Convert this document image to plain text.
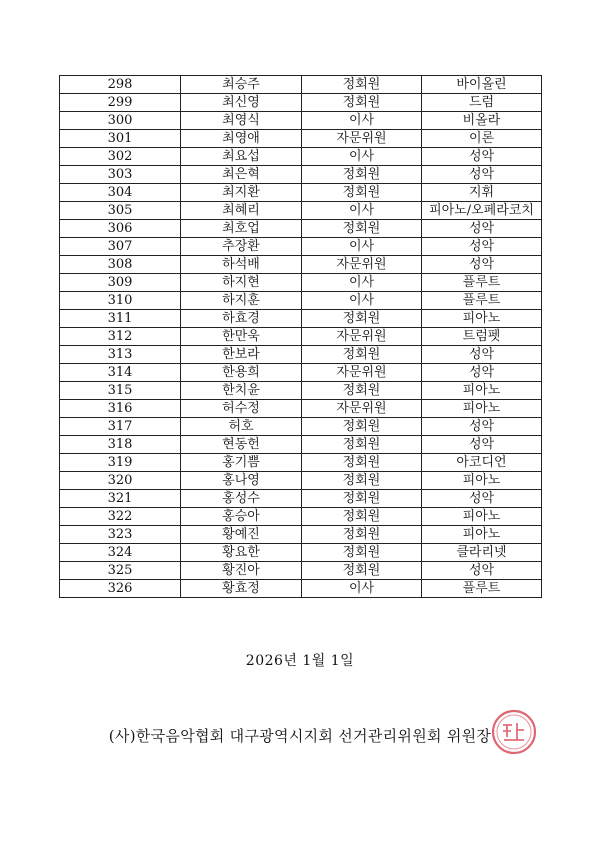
298	최승주	정회원	바이올린
299	최신영	정회원	드럼
300	최영식	이사	비올라
301	최영애	자문위원	이론
302	최요섭	이사	성악
303	최은혁	정회원	성악
304	최지환	정회원	지휘
305	최혜리	이사	피아노/오페라코치
306	최호업	정회원	성악
307	추장환	이사	성악
308	하석배	자문위원	성악
309	하지현	이사	플루트
310	하지훈	이사	플루트
311	하효경	정회원	피아노
312	한만욱	자문위원	트럼펫
313	한보라	정회원	성악
314	한용희	자문위원	성악
315	한치윤	정회원	피아노
316	허수정	자문위원	피아노
317	허호	정회원	성악
318	현동헌	정회원	성악
319	홍기쁨	정회원	아코디언
320	홍나영	정회원	피아노
321	홍성수	정회원	성악
322	홍승아	정회원	피아노
323	황예진	정회원	피아노
324	황요한	정회원	클라리넷
325	황진아	정회원	성악
326	황효정	이사	플루트
2026년 1월 1일
(사)한국음악협회 대구광역시지회 선거관리위원회 위원장
